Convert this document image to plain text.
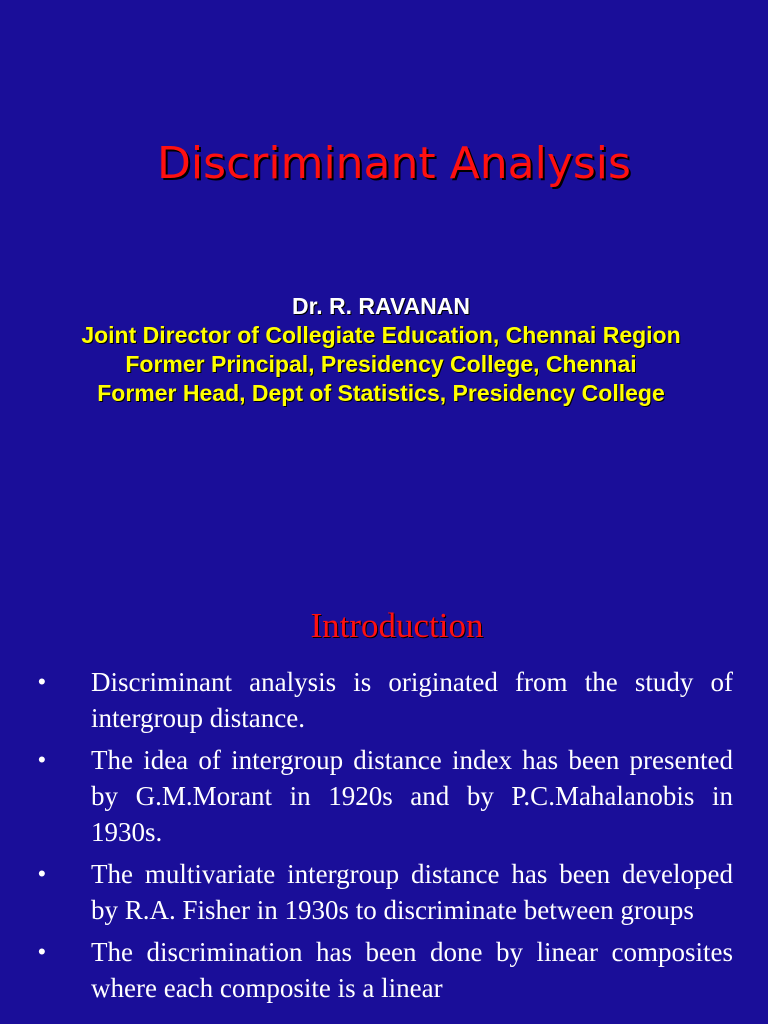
Discriminant Analysis
Dr. R. RAVANAN
Joint Director of Collegiate Education, Chennai Region
Former Principal, Presidency College, Chennai
Former Head, Dept of Statistics, Presidency College
Introduction
• Discriminant analysis is originated from the study of intergroup distance.
• The idea of intergroup distance index has been presented by G.M.Morant in 1920s and by P.C.Mahalanobis in 1930s.
• The multivariate intergroup distance has been developed by R.A. Fisher in 1930s to discriminate between groups
• The discrimination has been done by linear composites where each composite is a linear
